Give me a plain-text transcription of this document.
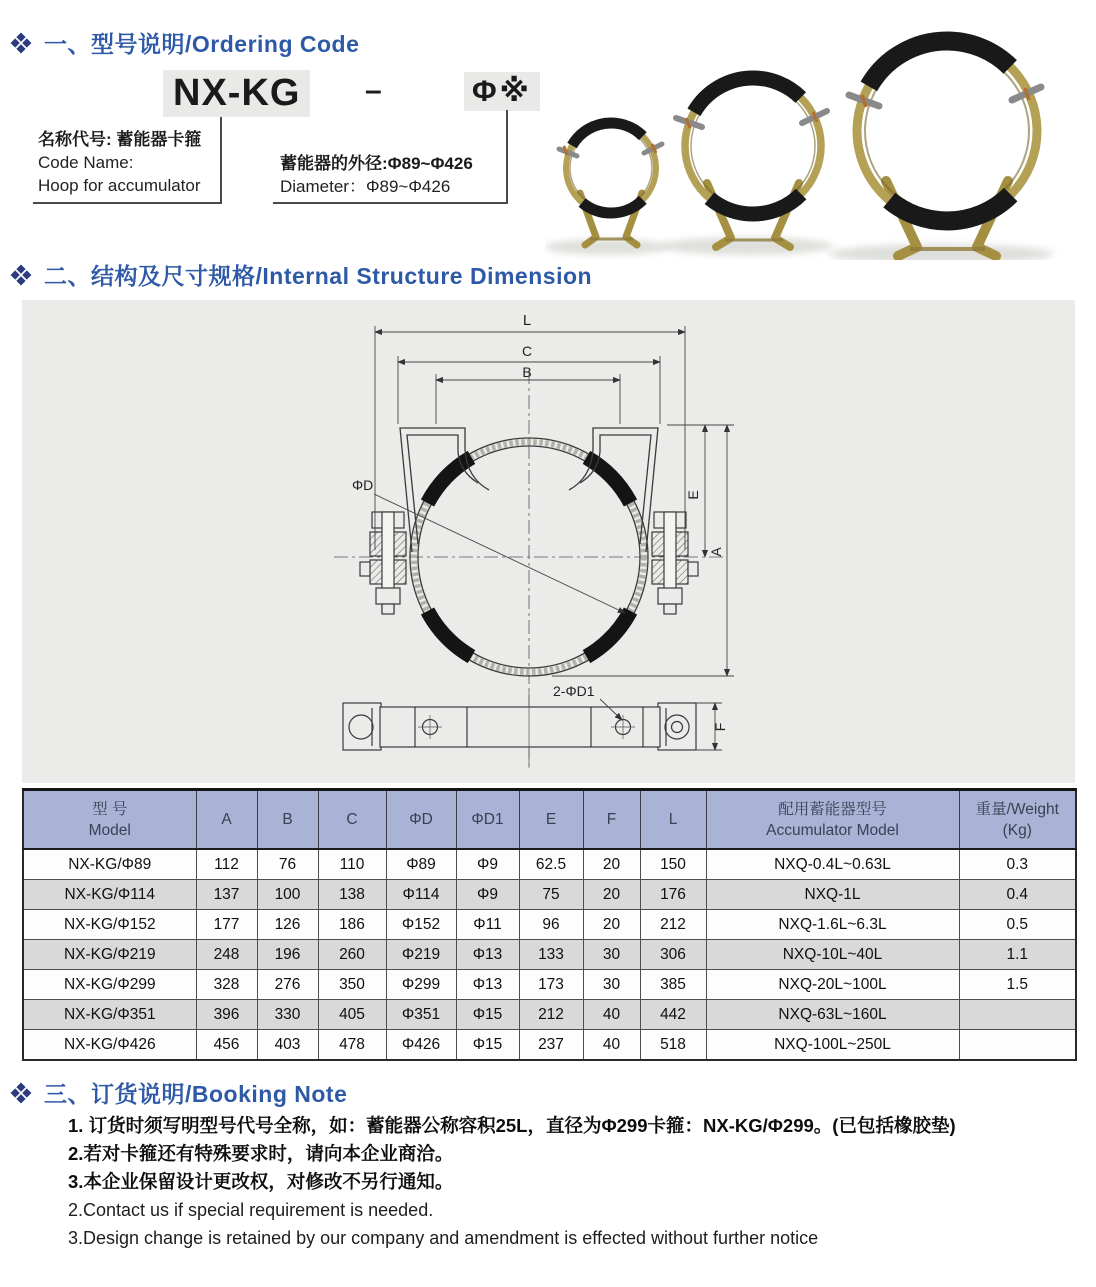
一、型号说明/Ordering Code
NX-KG	–	Φ※
名称代号: 蓄能器卡箍
Code Name:
Hoop for accumulator
蓄能器的外径:Φ89~Φ426
Diameter：Φ89~Φ426
二、结构及尺寸规格/Internal Structure Dimension
L
C
B
ΦD
E
A
2-ΦD1
F
型 号
Model	A	B	C	ΦD	ΦD1	E	F	L	配用蓄能器型号
Accumulator Model	重量/Weight
(Kg)
NX-KG/Φ89	112	76	110	Φ89	Φ9	62.5	20	150	NXQ-0.4L~0.63L	0.3
NX-KG/Φ114	137	100	138	Φ114	Φ9	75	20	176	NXQ-1L	0.4
NX-KG/Φ152	177	126	186	Φ152	Φ11	96	20	212	NXQ-1.6L~6.3L	0.5
NX-KG/Φ219	248	196	260	Φ219	Φ13	133	30	306	NXQ-10L~40L	1.1
NX-KG/Φ299	328	276	350	Φ299	Φ13	173	30	385	NXQ-20L~100L	1.5
NX-KG/Φ351	396	330	405	Φ351	Φ15	212	40	442	NXQ-63L~160L	
NX-KG/Φ426	456	403	478	Φ426	Φ15	237	40	518	NXQ-100L~250L	
三、订货说明/Booking Note
1. 订货时须写明型号代号全称，如：蓄能器公称容积25L，直径为Φ299卡箍：NX-KG/Φ299。(已包括橡胶垫)
2.若对卡箍还有特殊要求时，请向本企业商洽。
3.本企业保留设计更改权，对修改不另行通知。
2.Contact us if special requirement is needed.
3.Design change is retained by our company and amendment is effected without further notice
